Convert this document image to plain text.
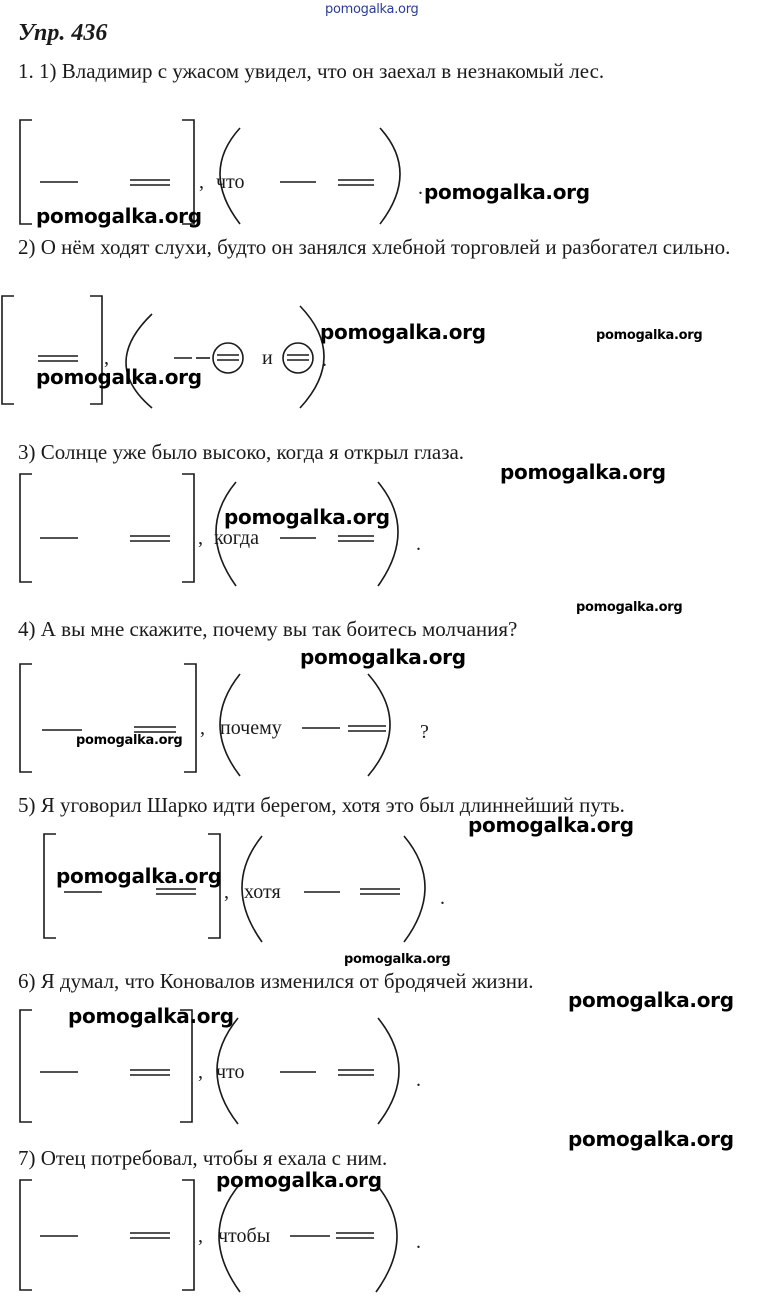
pomogalka.org
Упр. 436
1. 1) Владимир с ужасом увидел, что он заехал в незнакомый лес.
, что	.
2) О нём ходят слухи, будто он занялся хлебной торговлей и разбогател сильно.
,	и .
3) Солнце уже было высоко, когда я открыл глаза.
, когда	.
4) А вы мне скажите, почему вы так боитесь молчания?
, почему	?
5) Я уговорил Шарко идти берегом, хотя это был длиннейший путь.
, хотя	.
6) Я думал, что Коновалов изменился от бродячей жизни.
, что	.
7) Отец потребовал, чтобы я ехала с ним.
, чтобы	.
pomogalka.org
pomogalka.org
pomogalka.org	pomogalka.org
pomogalka.org
pomogalka.org
pomogalka.org
pomogalka.org
pomogalka.org
pomogalka.org
pomogalka.org
pomogalka.org
pomogalka.org
pomogalka.org
pomogalka.org
pomogalka.org
pomogalka.org
